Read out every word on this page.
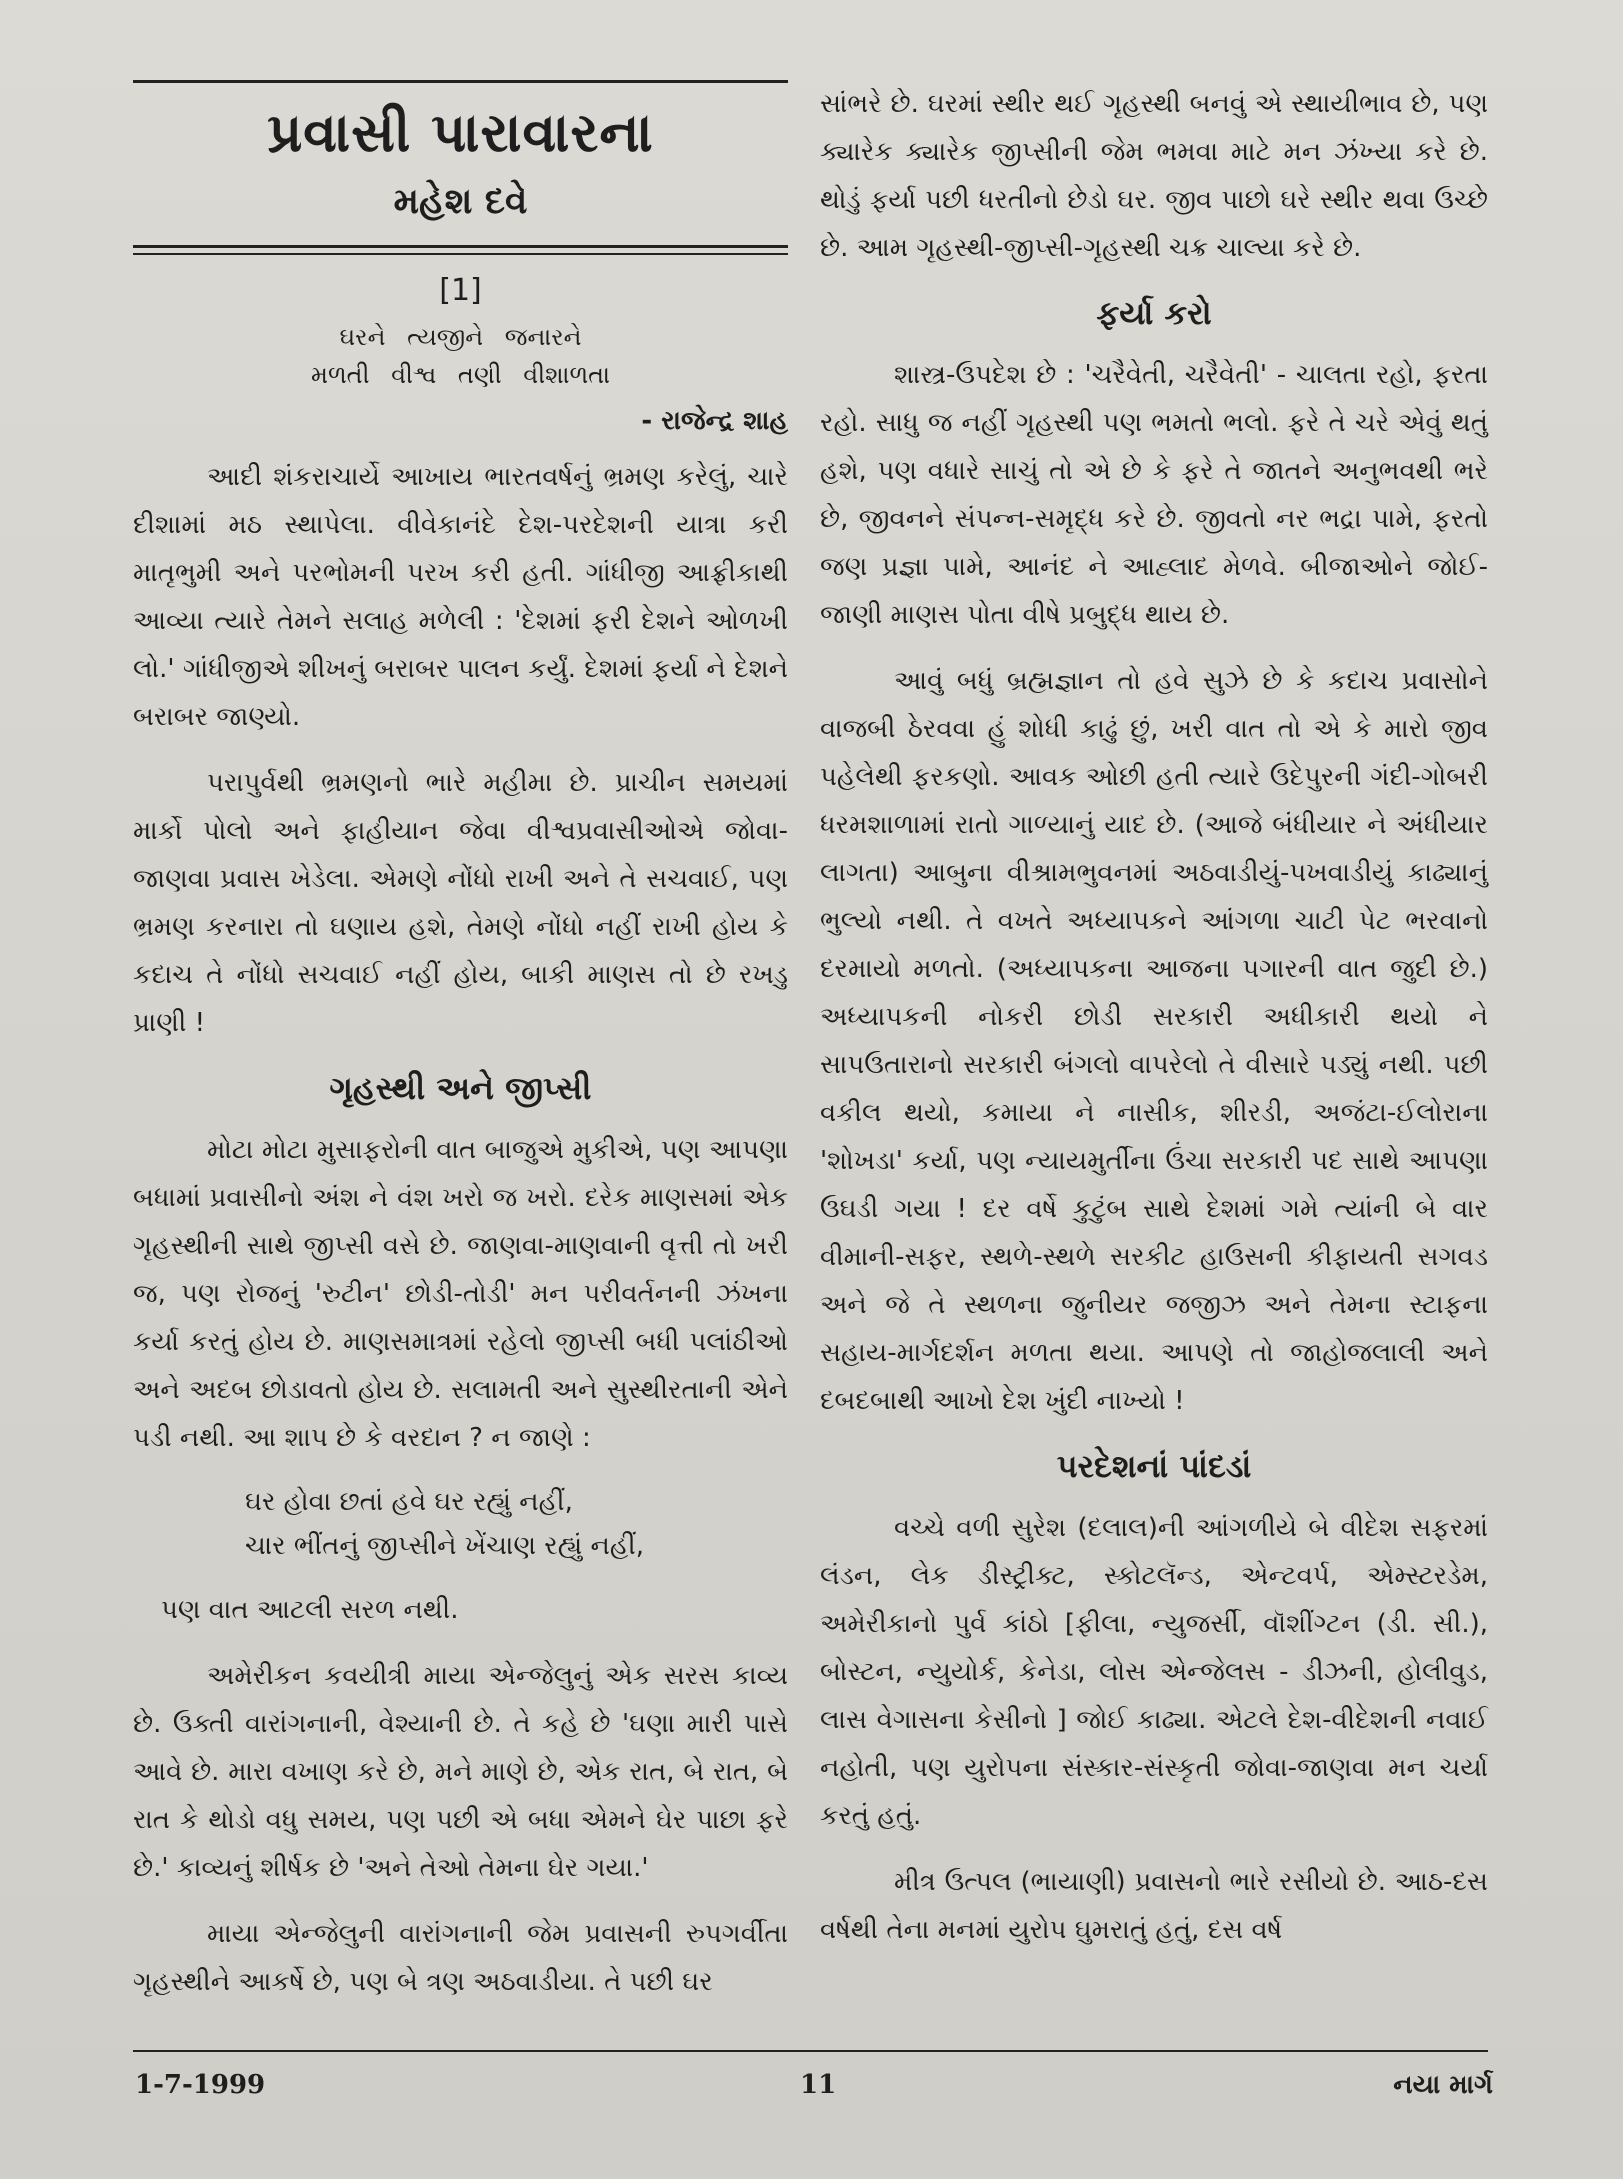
પ્રવાસી પારાવારના
મહેશ દવે
[1]
ઘરને ત્યજીને જનારને
મળતી વીશ્વ તણી વીશાળતા
- રાજેન્દ્ર શાહ

આદી શંકરાચાર્યે આખાય ભારતવર્ષનું ભ્રમણ કરેલું, ચારે દીશામાં મઠ સ્થાપેલા. વીવેકાનંદે દેશ-પરદેશની યાત્રા કરી માતૃભુમી અને પરભોમની પરખ કરી હતી. ગાંધીજી આફ્રીકાથી આવ્યા ત્યારે તેમને સલાહ મળેલી : 'દેશમાં ફરી દેશને ઓળખી લો.' ગાંધીજીએ શીખનું બરાબર પાલન કર્યું. દેશમાં ફર્યા ને દેશને બરાબર જાણ્યો.

પરાપુર્વથી ભ્રમણનો ભારે મહીમા છે. પ્રાચીન સમયમાં માર્કો પોલો અને ફાહીયાન જેવા વીશ્વપ્રવાસીઓએ જોવા-જાણવા પ્રવાસ ખેડેલા. એમણે નોંધો રાખી અને તે સચવાઈ, પણ ભ્રમણ કરનારા તો ઘણાય હશે, તેમણે નોંધો નહીં રાખી હોય કે કદાચ તે નોંધો સચવાઈ નહીં હોય, બાકી માણસ તો છે રખડુ પ્રાણી !

ગૃહસ્થી અને જીપ્સી

મોટા મોટા મુસાફરોની વાત બાજુએ મુકીએ, પણ આપણા બધામાં પ્રવાસીનો અંશ ને વંશ ખરો જ ખરો. દરેક માણસમાં એક ગૃહસ્થીની સાથે જીપ્સી વસે છે. જાણવા-માણવાની વૃત્તી તો ખરી જ, પણ રોજનું 'રુટીન' છોડી-તોડી' મન પરીવર્તનની ઝંખના કર્યા કરતું હોય છે. માણસમાત્રમાં રહેલો જીપ્સી બધી પલાંઠીઓ અને અદબ છોડાવતો હોય છે. સલામતી અને સુસ્થીરતાની એને પડી નથી. આ શાપ છે કે વરદાન ? ન જાણે :

ઘર હોવા છતાં હવે ઘર રહ્યું નહીં,
ચાર ભીંતનું જીપ્સીને ખેંચાણ રહ્યું નહીં,

પણ વાત આટલી સરળ નથી.

અમેરીકન કવયીત્રી માયા એન્જેલુનું એક સરસ કાવ્ય છે. ઉક્તી વારાંગનાની, વેશ્યાની છે. તે કહે છે 'ઘણા મારી પાસે આવે છે. મારા વખાણ કરે છે, મને માણે છે, એક રાત, બે રાત, બે રાત કે થોડો વધુ સમય, પણ પછી એ બધા એમને ઘેર પાછા ફરે છે.' કાવ્યનું શીર્ષક છે 'અને તેઓ તેમના ઘેર ગયા.'

માયા એન્જેલુની વારાંગનાની જેમ પ્રવાસની રુપગર્વીતા ગૃહસ્થીને આકર્ષે છે, પણ બે ત્રણ અઠવાડીયા. તે પછી ઘર

સાંભરે છે. ઘરમાં સ્થીર થઈ ગૃહસ્થી બનવું એ સ્થાયીભાવ છે, પણ ક્યારેક ક્યારેક જીપ્સીની જેમ ભમવા માટે મન ઝંખ્યા કરે છે. થોડું ફર્યા પછી ધરતીનો છેડો ઘર. જીવ પાછો ઘરે સ્થીર થવા ઉચ્છે છે. આમ ગૃહસ્થી-જીપ્સી-ગૃહસ્થી ચક્ર ચાલ્યા કરે છે.

ફર્યા કરો

શાસ્ત્ર-ઉપદેશ છે : 'ચરૈવેતી, ચરૈવેતી' - ચાલતા રહો, ફરતા રહો. સાધુ જ નહીં ગૃહસ્થી પણ ભમતો ભલો. ફરે તે ચરે એવું થતું હશે, પણ વધારે સાચું તો એ છે કે ફરે તે જાતને અનુભવથી ભરે છે, જીવનને સંપન્ન-સમૃદ્ધ કરે છે. જીવતો નર ભદ્રા પામે, ફરતો જણ પ્રજ્ઞા પામે, આનંદ ને આહ્લાદ મેળવે. બીજાઓને જોઈ-જાણી માણસ પોતા વીષે પ્રબુદ્ધ થાય છે.

આવું બધું બ્રહ્મજ્ઞાન તો હવે સુઝે છે કે કદાચ પ્રવાસોને વાજબી ઠેરવવા હું શોધી કાઢું છું, ખરી વાત તો એ કે મારો જીવ પહેલેથી ફરકણો. આવક ઓછી હતી ત્યારે ઉદેપુરની ગંદી-ગોબરી ધરમશાળામાં રાતો ગાળ્યાનું યાદ છે. (આજે બંધીયાર ને અંધીયાર લાગતા) આબુના વીશ્રામભુવનમાં અઠવાડીયું-પખવાડીયું કાઢ્યાનું ભુલ્યો નથી. તે વખતે અધ્યાપકને આંગળા ચાટી પેટ ભરવાનો દરમાયો મળતો. (અધ્યાપકના આજના પગારની વાત જુદી છે.) અધ્યાપકની નોકરી છોડી સરકારી અધીકારી થયો ને સાપઉતારાનો સરકારી બંગલો વાપરેલો તે વીસારે પડ્યું નથી. પછી વકીલ થયો, કમાયા ને નાસીક, શીરડી, અજંટા-ઈલોરાના 'શોખડા' કર્યા, પણ ન્યાયમુર્તીના ઉંચા સરકારી પદ સાથે આપણા ઉઘડી ગયા ! દર વર્ષે કુટુંબ સાથે દેશમાં ગમે ત્યાંની બે વાર વીમાની-સફર, સ્થળે-સ્થળે સરકીટ હાઉસની કીફાયતી સગવડ અને જે તે સ્થળના જુનીયર જજીઝ અને તેમના સ્ટાફના સહાય-માર્ગદર્શન મળતા થયા. આપણે તો જાહોજલાલી અને દબદબાથી આખો દેશ ખુંદી નાખ્યો !

પરદેશનાં પાંદડાં

વચ્ચે વળી સુરેશ (દલાલ)ની આંગળીયે બે વીદેશ સફરમાં લંડન, લેક ડીસ્ટ્રીક્ટ, સ્કોટલૅન્ડ, એન્ટવર્પ, એમ્સ્ટરડેમ, અમેરીકાનો પુર્વ કાંઠો [ફીલા, ન્યુજર્સી, વૉશીંગ્ટન (ડી. સી.), બોસ્ટન, ન્યુયોર્ક, કેનેડા, લોસ એન્જેલસ - ડીઝની, હોલીવુડ, લાસ વેગાસના કેસીનો ] જોઈ કાઢ્યા. એટલે દેશ-વીદેશની નવાઈ નહોતી, પણ યુરોપના સંસ્કાર-સંસ્કૃતી જોવા-જાણવા મન ચર્યા કરતું હતું.

મીત્ર ઉત્પલ (ભાયાણી) પ્રવાસનો ભારે રસીયો છે. આઠ-દસ વર્ષથી તેના મનમાં યુરોપ ઘુમરાતું હતું, દસ વર્ષ

1-7-1999	11	નયા માર્ગ
